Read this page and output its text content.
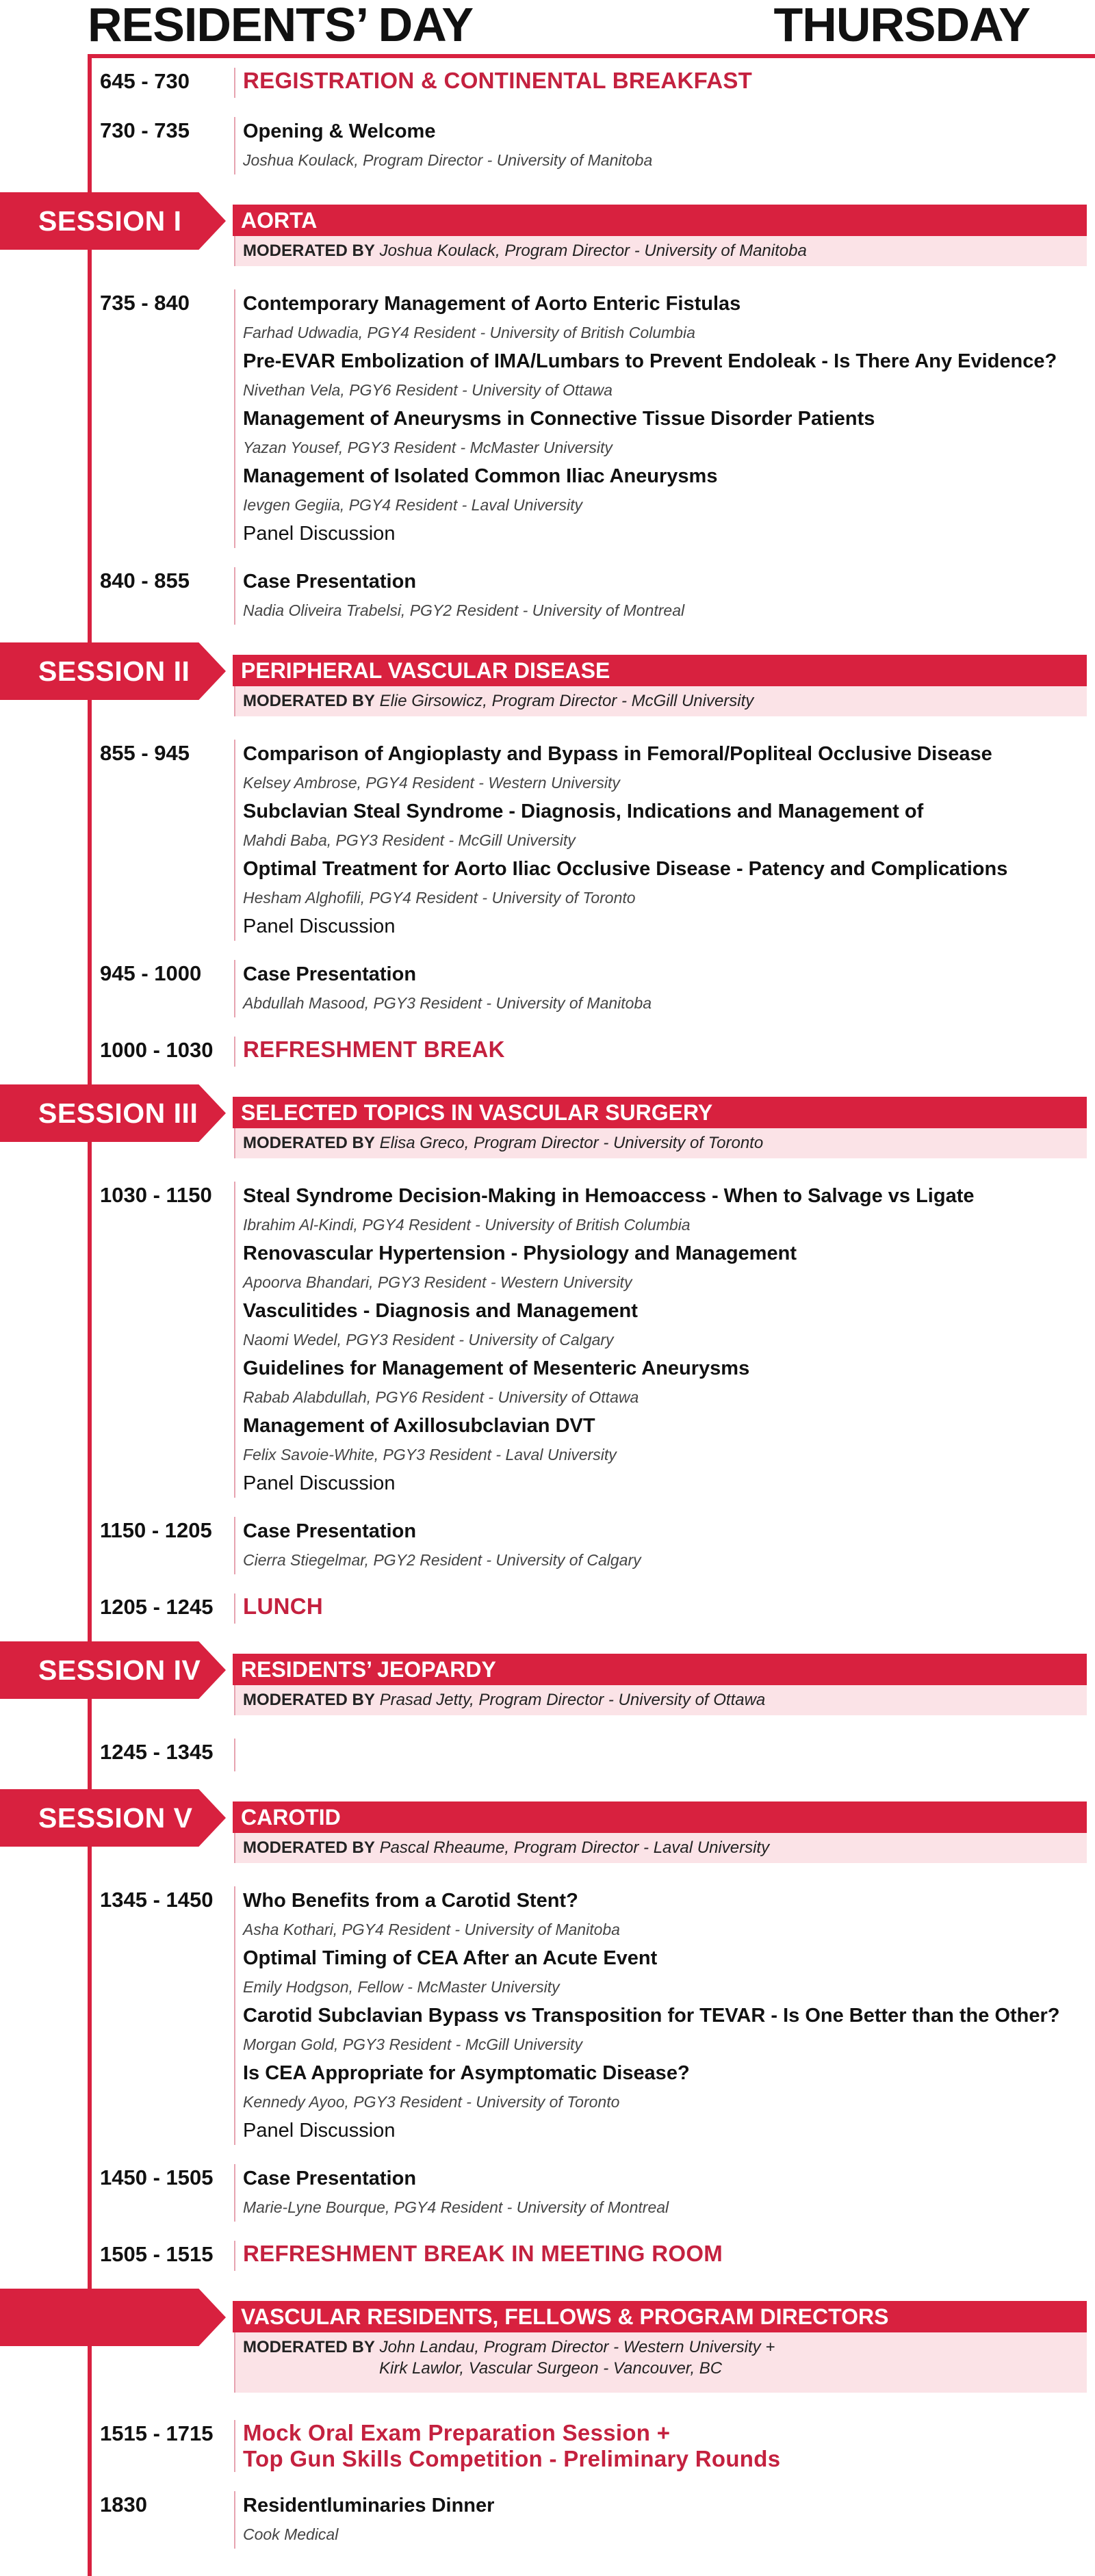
RESIDENTS’ DAY	THURSDAY
645 - 730	REGISTRATION & CONTINENTAL BREAKFAST
730 - 735	Opening & Welcome
Joshua Koulack, Program Director - University of Manitoba
SESSION I	AORTA
MODERATED BY Joshua Koulack, Program Director - University of Manitoba
735 - 840	Contemporary Management of Aorto Enteric Fistulas
Farhad Udwadia, PGY4 Resident - University of British Columbia
Pre-EVAR Embolization of IMA/Lumbars to Prevent Endoleak - Is There Any Evidence?
Nivethan Vela, PGY6 Resident - University of Ottawa
Management of Aneurysms in Connective Tissue Disorder Patients
Yazan Yousef, PGY3 Resident - McMaster University
Management of Isolated Common Iliac Aneurysms
Ievgen Gegiia, PGY4 Resident - Laval University
Panel Discussion
840 - 855	Case Presentation
Nadia Oliveira Trabelsi, PGY2 Resident - University of Montreal
SESSION II PERIPHERAL VASCULAR DISEASE
MODERATED BY Elie Girsowicz, Program Director - McGill University
855 - 945	Comparison of Angioplasty and Bypass in Femoral/Popliteal Occlusive Disease
Kelsey Ambrose, PGY4 Resident - Western University
Subclavian Steal Syndrome - Diagnosis, Indications and Management of
Mahdi Baba, PGY3 Resident - McGill University
Optimal Treatment for Aorto Iliac Occlusive Disease - Patency and Complications
Hesham Alghofili, PGY4 Resident - University of Toronto
Panel Discussion
945 - 1000	Case Presentation
Abdullah Masood, PGY3 Resident - University of Manitoba
1000 - 1030	REFRESHMENT BREAK
SESSION III SELECTED TOPICS IN VASCULAR SURGERY
MODERATED BY Elisa Greco, Program Director - University of Toronto
1030 - 1150	Steal Syndrome Decision-Making in Hemoaccess - When to Salvage vs Ligate
Ibrahim Al-Kindi, PGY4 Resident - University of British Columbia
Renovascular Hypertension - Physiology and Management
Apoorva Bhandari, PGY3 Resident - Western University
Vasculitides - Diagnosis and Management
Naomi Wedel, PGY3 Resident - University of Calgary
Guidelines for Management of Mesenteric Aneurysms
Rabab Alabdullah, PGY6 Resident - University of Ottawa
Management of Axillosubclavian DVT
Felix Savoie-White, PGY3 Resident - Laval University
Panel Discussion
1150 - 1205	Case Presentation
Cierra Stiegelmar, PGY2 Resident - University of Calgary
1205 - 1245	LUNCH
SESSION IV RESIDENTS’ JEOPARDY
MODERATED BY Prasad Jetty, Program Director - University of Ottawa
1245 - 1345
SESSION V CAROTID
MODERATED BY Pascal Rheaume, Program Director - Laval University
1345 - 1450	Who Benefits from a Carotid Stent?
Asha Kothari, PGY4 Resident - University of Manitoba
Optimal Timing of CEA After an Acute Event
Emily Hodgson, Fellow - McMaster University
Carotid Subclavian Bypass vs Transposition for TEVAR - Is One Better than the Other?
Morgan Gold, PGY3 Resident - McGill University
Is CEA Appropriate for Asymptomatic Disease?
Kennedy Ayoo, PGY3 Resident - University of Toronto
Panel Discussion
1450 - 1505	Case Presentation
Marie-Lyne Bourque, PGY4 Resident - University of Montreal
1505 - 1515	REFRESHMENT BREAK IN MEETING ROOM
VASCULAR RESIDENTS, FELLOWS & PROGRAM DIRECTORS
MODERATED BY John Landau, Program Director - Western University +
Kirk Lawlor, Vascular Surgeon - Vancouver, BC
1515 - 1715	Mock Oral Exam Preparation Session +
Top Gun Skills Competition - Preliminary Rounds
1830	Residentluminaries Dinner
Cook Medical
